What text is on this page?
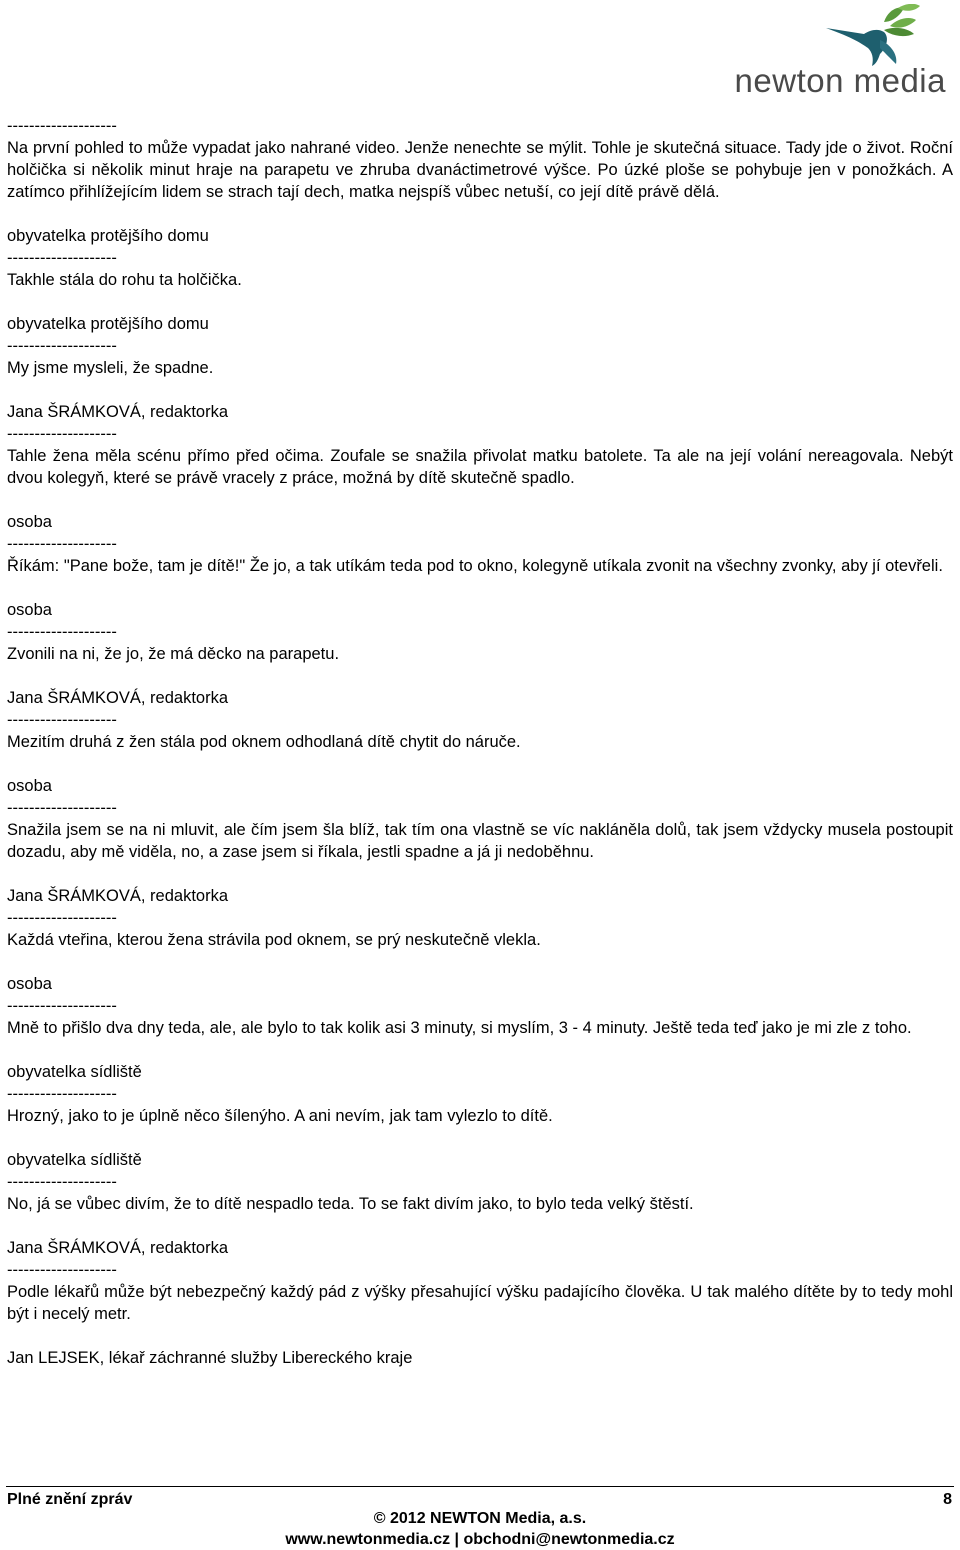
newton media
--------------------
Na první pohled to může vypadat jako nahrané video. Jenže nenechte se mýlit. Tohle je skutečná situace. Tady jde o život. Roční holčička si několik minut hraje na parapetu ve zhruba dvanáctimetrové výšce. Po úzké ploše se pohybuje jen v ponožkách. A zatímco přihlížejícím lidem se strach tají dech, matka nejspíš vůbec netuší, co její dítě právě dělá.
obyvatelka protějšího domu
--------------------
Takhle stála do rohu ta holčička.
obyvatelka protějšího domu
--------------------
My jsme mysleli, že spadne.
Jana ŠRÁMKOVÁ, redaktorka
--------------------
Tahle žena měla scénu přímo před očima. Zoufale se snažila přivolat matku batolete. Ta ale na její volání nereagovala. Nebýt dvou kolegyň, které se právě vracely z práce, možná by dítě skutečně spadlo.
osoba
--------------------
Říkám: "Pane bože, tam je dítě!" Že jo, a tak utíkám teda pod to okno, kolegyně utíkala zvonit na všechny zvonky, aby jí otevřeli.
osoba
--------------------
Zvonili na ni, že jo, že má děcko na parapetu.
Jana ŠRÁMKOVÁ, redaktorka
--------------------
Mezitím druhá z žen stála pod oknem odhodlaná dítě chytit do náruče.
osoba
--------------------
Snažila jsem se na ni mluvit, ale čím jsem šla blíž, tak tím ona vlastně se víc nakláněla dolů, tak jsem vždycky musela postoupit dozadu, aby mě viděla, no, a zase jsem si říkala, jestli spadne a já ji nedoběhnu.
Jana ŠRÁMKOVÁ, redaktorka
--------------------
Každá vteřina, kterou žena strávila pod oknem, se prý neskutečně vlekla.
osoba
--------------------
Mně to přišlo dva dny teda, ale, ale bylo to tak kolik asi 3 minuty, si myslím, 3 - 4 minuty. Ještě teda teď jako je mi zle z toho.
obyvatelka sídliště
--------------------
Hrozný, jako to je úplně něco šílenýho. A ani nevím, jak tam vylezlo to dítě.
obyvatelka sídliště
--------------------
No, já se vůbec divím, že to dítě nespadlo teda. To se fakt divím jako, to bylo teda velký štěstí.
Jana ŠRÁMKOVÁ, redaktorka
--------------------
Podle lékařů může být nebezpečný každý pád z výšky přesahující výšku padajícího člověka. U tak malého dítěte by to tedy mohl být i necelý metr.
Jan LEJSEK, lékař záchranné služby Libereckého kraje
Plné znění zpráv	8
© 2012 NEWTON Media, a.s.
www.newtonmedia.cz | obchodni@newtonmedia.cz
